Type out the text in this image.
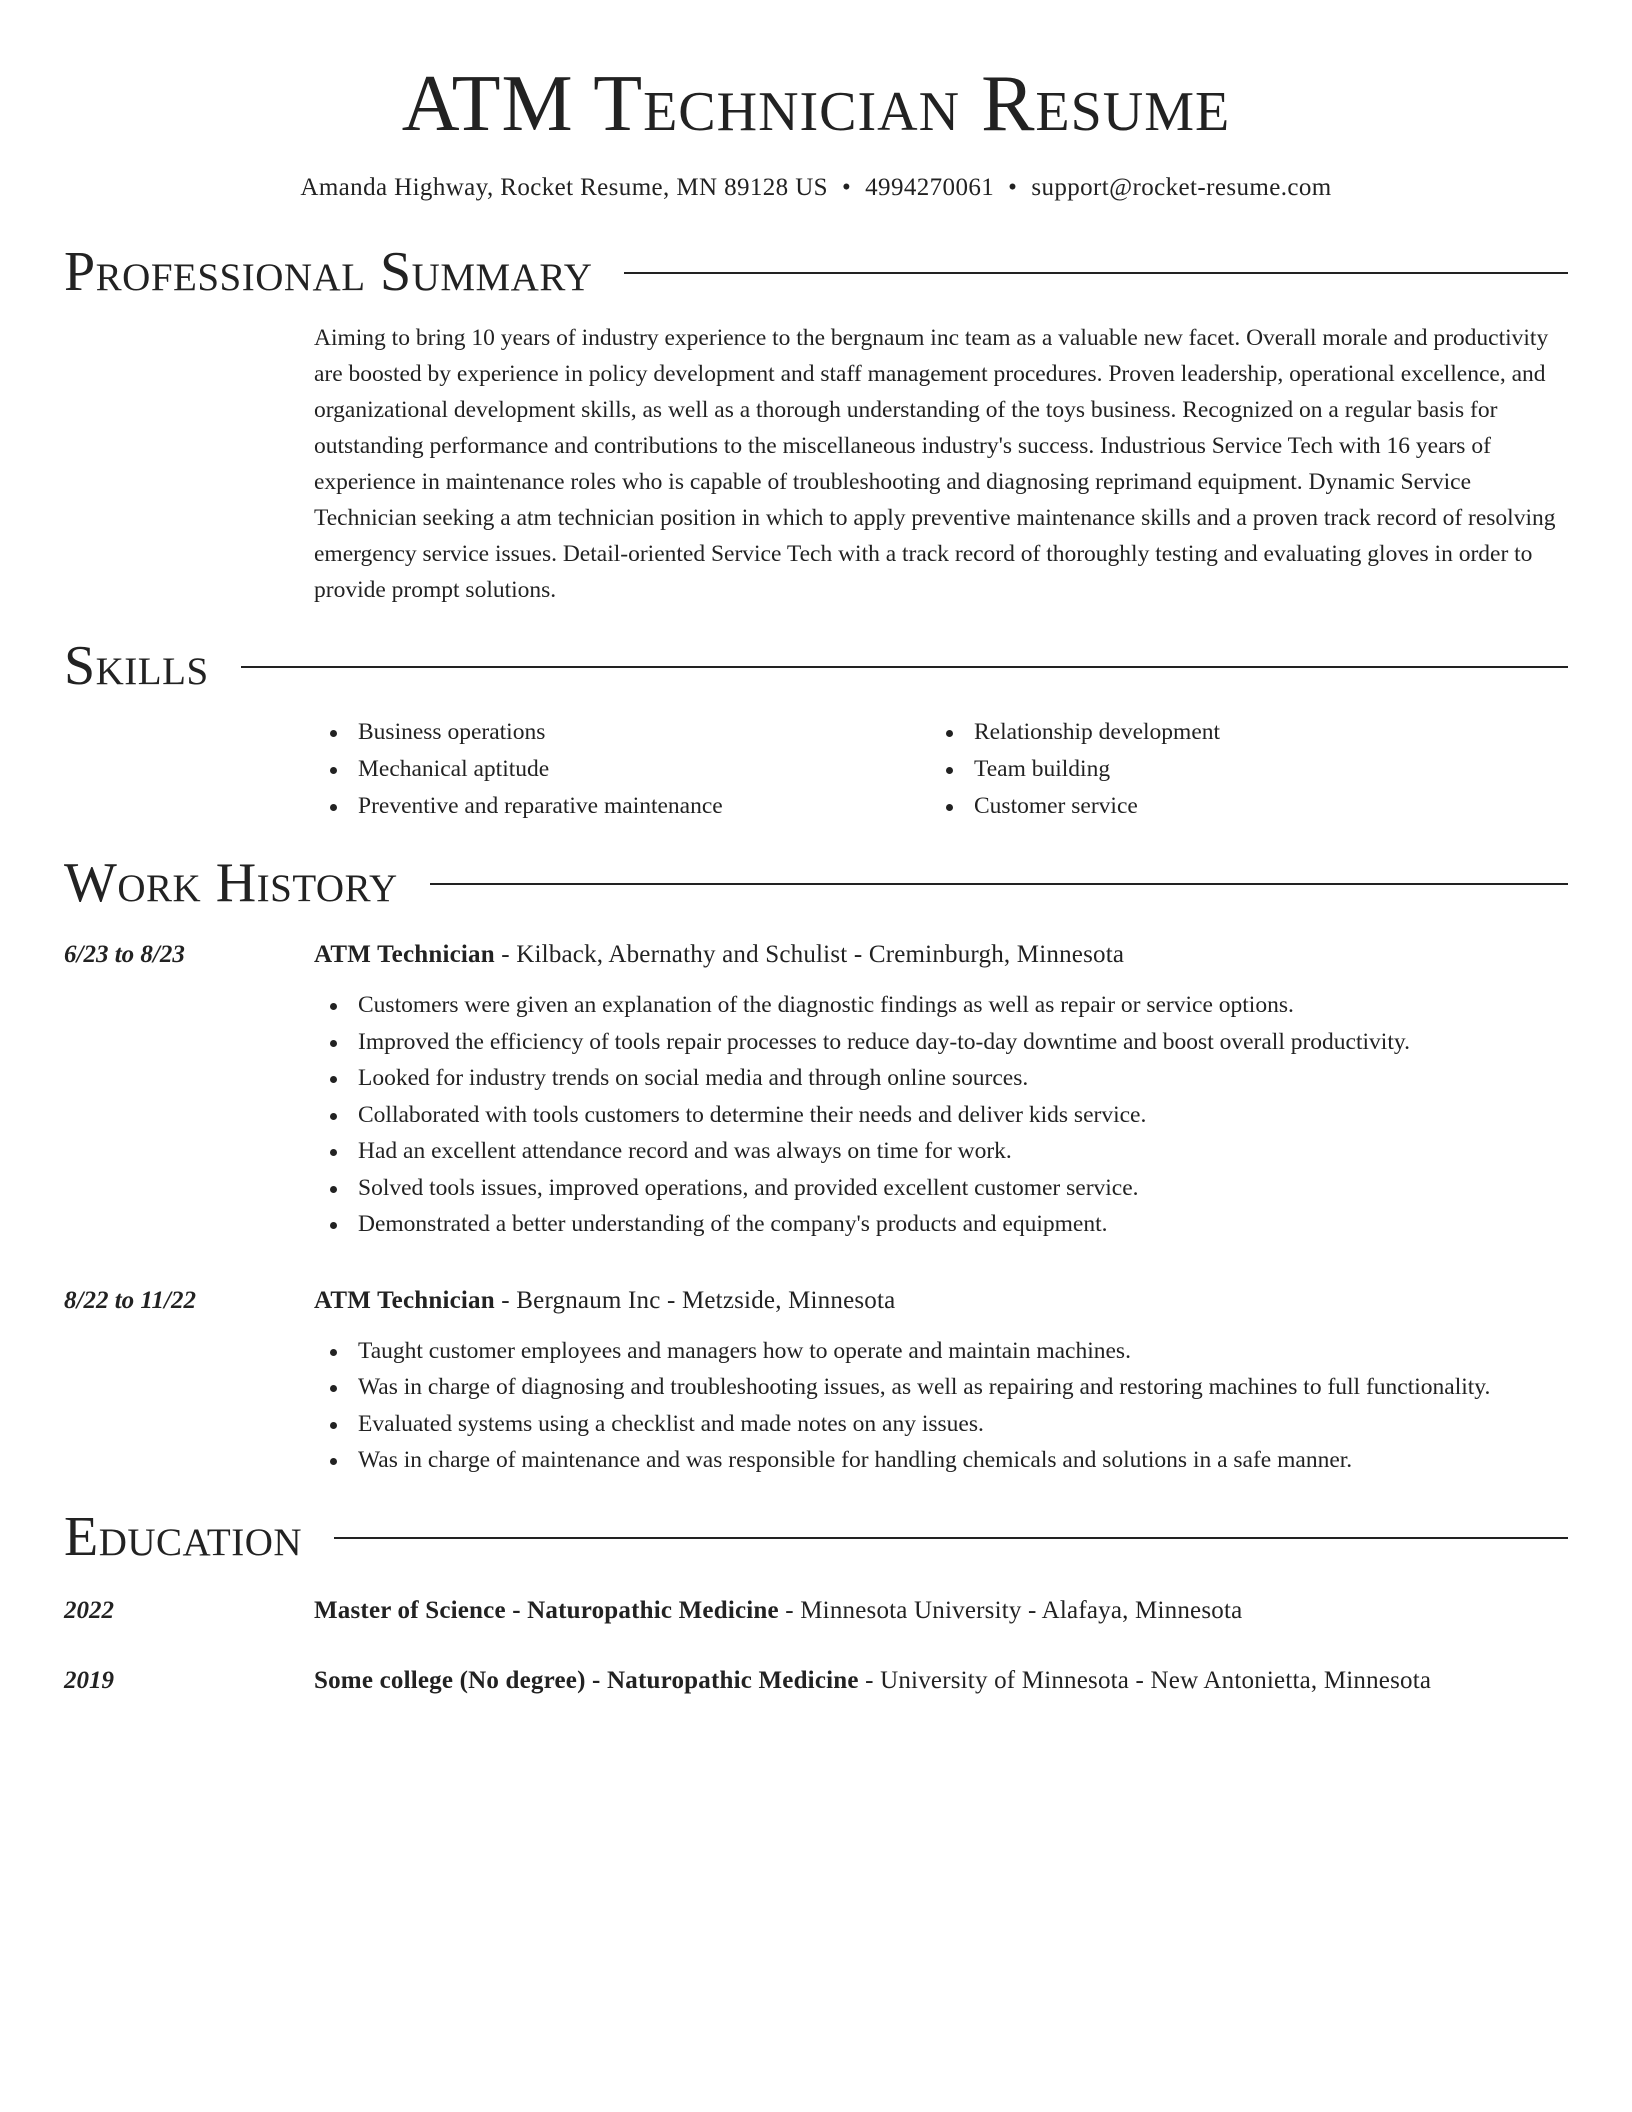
ATM Technician Resume
Amanda Highway, Rocket Resume, MN 89128 US • 4994270061 • support@rocket-resume.com
Professional Summary

Aiming to bring 10 years of industry experience to the bergnaum inc team as a valuable new facet. Overall morale and productivity are boosted by experience in policy development and staff management procedures. Proven leadership, operational excellence, and organizational development skills, as well as a thorough understanding of the toys business. Recognized on a regular basis for outstanding performance and contributions to the miscellaneous industry's success. Industrious Service Tech with 16 years of experience in maintenance roles who is capable of troubleshooting and diagnosing reprimand equipment. Dynamic Service Technician seeking a atm technician position in which to apply preventive maintenance skills and a proven track record of resolving emergency service issues. Detail-oriented Service Tech with a track record of thoroughly testing and evaluating gloves in order to provide prompt solutions.

Skills
Business operations
Mechanical aptitude
Preventive and reparative maintenance
Relationship development
Team building
Customer service
Work History
6/23 to 8/23	ATM Technician - Kilback, Abernathy and Schulist - Creminburgh, Minnesota
Customers were given an explanation of the diagnostic findings as well as repair or service options.
Improved the efficiency of tools repair processes to reduce day-to-day downtime and boost overall productivity.
Looked for industry trends on social media and through online sources.
Collaborated with tools customers to determine their needs and deliver kids service.
Had an excellent attendance record and was always on time for work.
Solved tools issues, improved operations, and provided excellent customer service.
Demonstrated a better understanding of the company's products and equipment.
8/22 to 11/22	ATM Technician - Bergnaum Inc - Metzside, Minnesota
Taught customer employees and managers how to operate and maintain machines.
Was in charge of diagnosing and troubleshooting issues, as well as repairing and restoring machines to full functionality.
Evaluated systems using a checklist and made notes on any issues.
Was in charge of maintenance and was responsible for handling chemicals and solutions in a safe manner.
Education
2022	Master of Science - Naturopathic Medicine - Minnesota University - Alafaya, Minnesota
2019	Some college (No degree) - Naturopathic Medicine - University of Minnesota - New Antonietta, Minnesota
